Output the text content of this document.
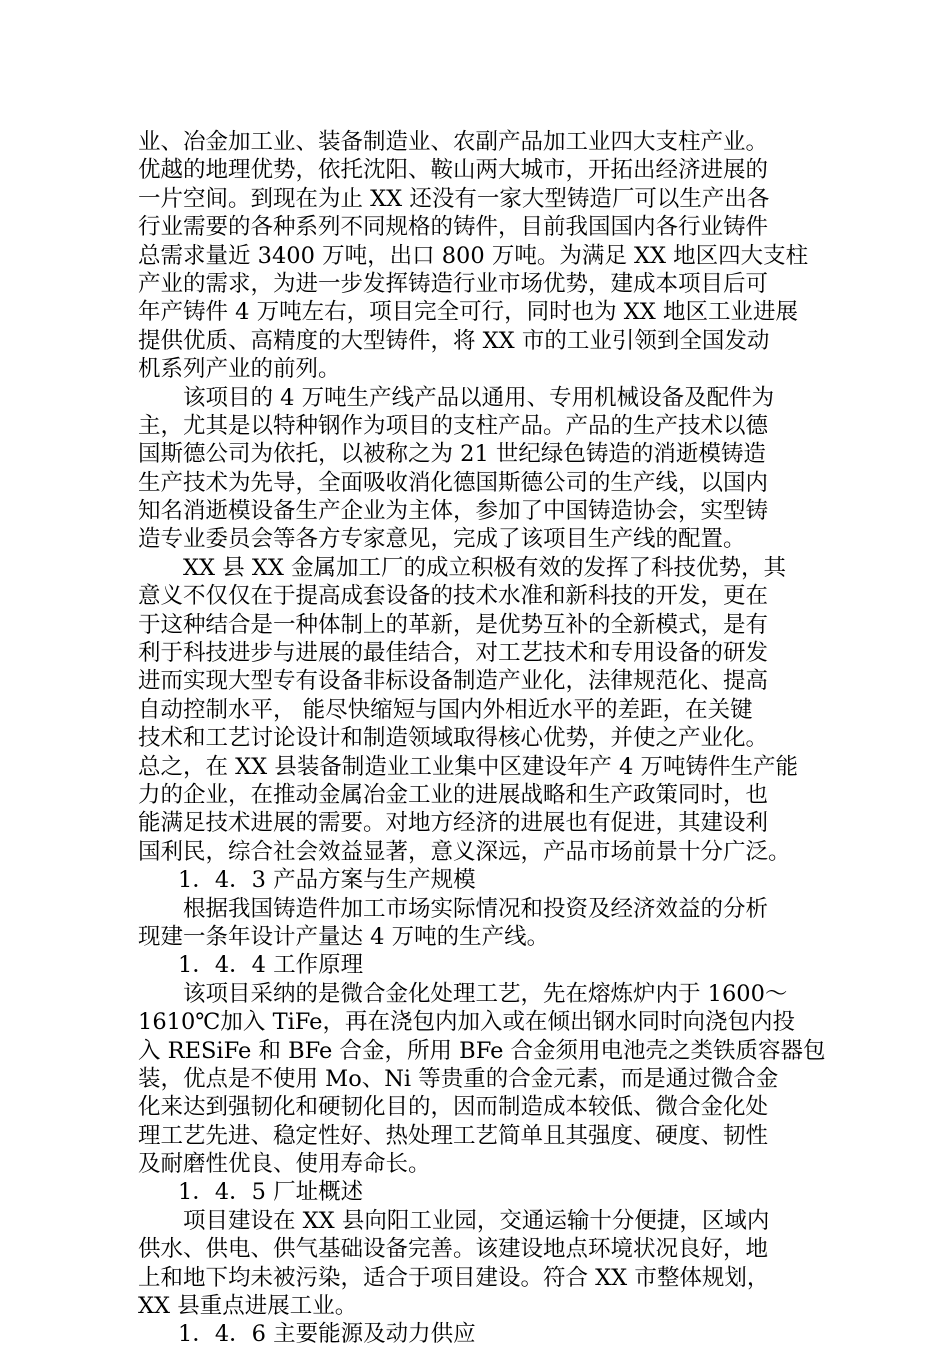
业、冶金加工业、装备制造业、农副产品加工业四大支柱产业。
优越的地理优势，依托沈阳、鞍山两大城市，开拓出经济进展的
一片空间。到现在为止 XX 还没有一家大型铸造厂可以生产出各
行业需要的各种系列不同规格的铸件，目前我国国内各行业铸件
总需求量近 3400 万吨，出口 800 万吨。为满足 XX 地区四大支柱
产业的需求，为进一步发挥铸造行业市场优势，建成本项目后可
年产铸件 4 万吨左右，项目完全可行，同时也为 XX 地区工业进展
提供优质、高精度的大型铸件，将 XX 市的工业引领到全国发动
机系列产业的前列。
该项目的 4 万吨生产线产品以通用、专用机械设备及配件为
主，尤其是以特种钢作为项目的支柱产品。产品的生产技术以德
国斯德公司为依托，以被称之为 21 世纪绿色铸造的消逝模铸造
生产技术为先导，全面吸收消化德国斯德公司的生产线，以国内
知名消逝模设备生产企业为主体，参加了中国铸造协会，实型铸
造专业委员会等各方专家意见，完成了该项目生产线的配置。
XX 县 XX 金属加工厂的成立积极有效的发挥了科技优势，其
意义不仅仅在于提高成套设备的技术水准和新科技的开发，更在
于这种结合是一种体制上的革新，是优势互补的全新模式，是有
利于科技进步与进展的最佳结合，对工艺技术和专用设备的研发
进而实现大型专有设备非标设备制造产业化，法律规范化、提高
自动控制水平， 能尽快缩短与国内外相近水平的差距，在关键
技术和工艺讨论设计和制造领域取得核心优势，并使之产业化。
总之，在 XX 县装备制造业工业集中区建设年产 4 万吨铸件生产能
力的企业，在推动金属冶金工业的进展战略和生产政策同时，也
能满足技术进展的需要。对地方经济的进展也有促进，其建设利
国利民，综合社会效益显著，意义深远，产品市场前景十分广泛。
1．4．3 产品方案与生产规模
根据我国铸造件加工市场实际情况和投资及经济效益的分析
现建一条年设计产量达 4 万吨的生产线。
1．4．4 工作原理
该项目采纳的是微合金化处理工艺，先在熔炼炉内于 1600～
1610℃加入 TiFe，再在浇包内加入或在倾出钢水同时向浇包内投
入 RESiFe 和 BFe 合金，所用 BFe 合金须用电池壳之类铁质容器包
装，优点是不使用 Mo、Ni 等贵重的合金元素，而是通过微合金
化来达到强韧化和硬韧化目的，因而制造成本较低、微合金化处
理工艺先进、稳定性好、热处理工艺简单且其强度、硬度、韧性
及耐磨性优良、使用寿命长。
1．4．5 厂址概述
项目建设在 XX 县向阳工业园，交通运输十分便捷，区域内
供水、供电、供气基础设备完善。该建设地点环境状况良好，地
上和地下均未被污染，适合于项目建设。符合 XX 市整体规划，
XX 县重点进展工业。
1．4．6 主要能源及动力供应
